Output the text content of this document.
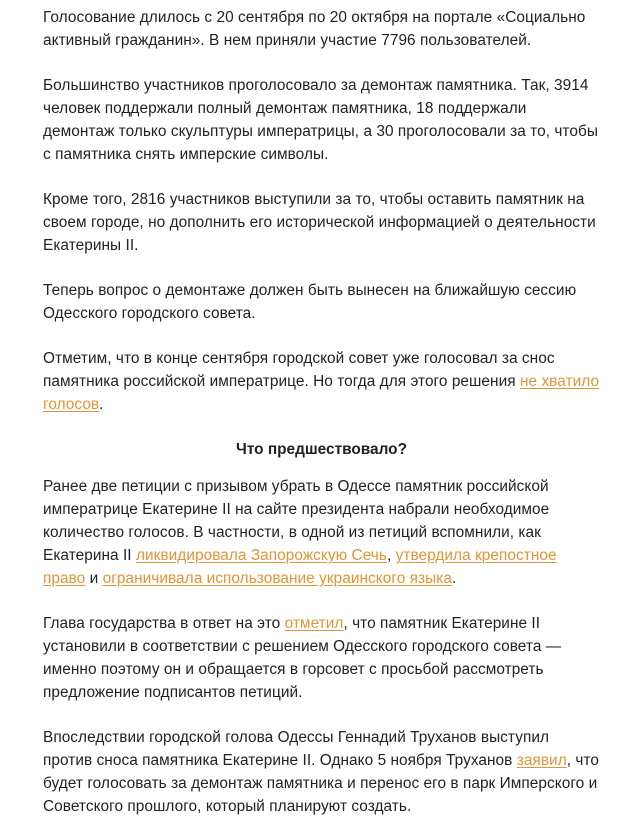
Голосование длилось с 20 сентября по 20 октября на портале «Социально активный гражданин». В нем приняли участие 7796 пользователей.

Большинство участников проголосовало за демонтаж памятника. Так, 3914 человек поддержали полный демонтаж памятника, 18 поддержали демонтаж только скульптуры императрицы, а 30 проголосовали за то, чтобы с памятника снять имперские символы.

Кроме того, 2816 участников выступили за то, чтобы оставить памятник на своем городе, но дополнить его исторической информацией о деятельности Екатерины II.

Теперь вопрос о демонтаже должен быть вынесен на ближайшую сессию Одесского городского совета.

Отметим, что в конце сентября городской совет уже голосовал за снос памятника российской императрице. Но тогда для этого решения не хватило голосов.

Что предшествовало?

Ранее две петиции с призывом убрать в Одессе памятник российской императрице Екатерине II на сайте президента набрали необходимое количество голосов. В частности, в одной из петиций вспомнили, как Екатерина II ликвидировала Запорожскую Сечь, утвердила крепостное право и ограничивала использование украинского языка.

Глава государства в ответ на это отметил, что памятник Екатерине II установили в соответствии с решением Одесского городского совета — именно поэтому он и обращается в горсовет с просьбой рассмотреть предложение подписантов петиций.

Впоследствии городской голова Одессы Геннадий Труханов выступил против сноса памятника Екатерине II. Однако 5 ноября Труханов заявил, что будет голосовать за демонтаж памятника и перенос его в парк Имперского и Советского прошлого, который планируют создать.
